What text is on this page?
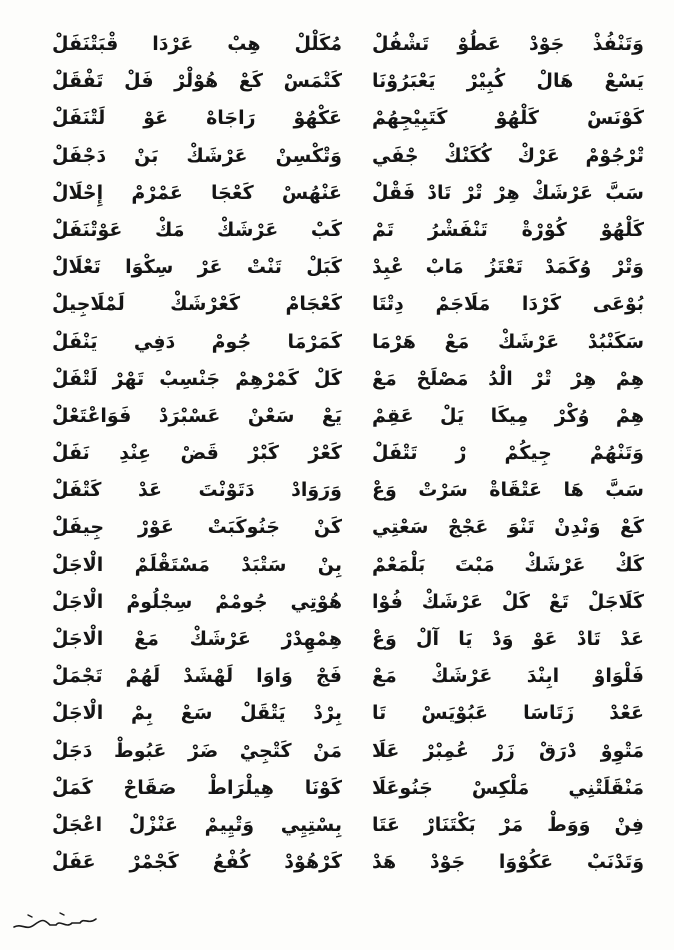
وَتَنْفُذْ جَوْدْ عَطُوْ تَشْفُلْ
يَسْعْ هَالْ كُبِيْرْ يَعْبَرُوْنَا
كَوْنَسْ كَلْهُوْ كَتَبِيْجِهُمْ
تْرْجُوْمْ عَرْكْ كُكَنْكْ جْفَي
سَبَّ عَرْشَكْ هِرْ تْرْ تَادْ فَقْلْ
كَلْهُوْ كُوْرْةْ تَنْفَشْرُ تَمْ
وَتْرْ وُكَمَدْ تَعْتَزُ مَابْ عْبِدْ
بُوْعَى كَرْدَا مَلَاجَمْ دِتْتَا
سَكَنْبُدْ عَرْشَكْ مَعْ هَرْمَا
هِمْ هِرْ تْرْ الْدُ مَصْلَحْ مَعْ
هِمْ وُكْرْ مِيكَا يَلْ عَقِمْ
وَتَنْهُمْ جِيكُمْ رْ تَتْفَلْ
سَبَّ هَا عَتْقَاةْ سَرْتْ وَعْ
كَعْ وَنْدِنْ تَنْوَ عَجْجْ سَعْتِي
كَكْ عَرْشَكْ مَبْتَ بَلْمَعْمْ
كَلَاجَلْ تَعْ كَلْ عَرْشَكْ فُوْا
عَدْ تَادْ عَوْ وَدْ يَا آلْ وَعْ
فَلْوَاوْ ابِنْدَ عَرْشَكْ مَعْ
عَعْدْ زَتَاسَا عَبُوْيَسْ تَا
مَتْوِوْ دْرَقْ زَرْ عُمِبْرْ عَلَا
مَنْقَلَتْنِي مَلْكِسْ جَنُوعَلَا
فِنْ وَوَطْ مَرْ بَكْتَنَارْ عَتَا
وَتَدْنَبْ عَكُوْوَا جَوْدْ هَدْ
مُكَلْلْ هِبْ عَرْدَا قْبَتْنَفَلْ
كَتْمَسْ كَعْ هُوْلْرْ فَلْ تَفْقَلْ
عَكْهُوْ رَاجَاهْ عَوْ لَتْنَفَلْ
وَتْكْسِنْ عَرْشَكْ بَنْ دَجْفَلْ
عَنْهُسْ كَعْجَا عَمْرْمْ إِحْلَالْ
كَبْ عَرْشَكْ مَكْ عَوْتْنَفَلْ
كَبَلْ تَنْتْ عَرْ سِكْوَا تَعْلَالْ
كَعْجَامْ كَعْرْشَكْ لَمْلَاجِيلْ
كَمَرْمَا جُومْ دَفِي يَنْفَلْ
كَلْ كَمْرْهِمْ جَنْسِبْ تَهْرْ لَتْفَلْ
يَعْ سَعْنْ عَسْبْرَدْ فَوَاعْتَعْلْ
كَعْرْ كَبْرْ قَضْ عِنْدِ نَفَلْ
وَرَوَادْ دَتَوْنْتَ عَدْ كَتْفَلْ
كَنْ جَنُوكَبَتْ عَوْرْ جِيفَلْ
بِنْ سَتْبَدْ مَسْتَقْلَمْ الْاجَلْ
هُوْتِي جُومْمْ سِجْلُومْ الْاجَلْ
هِمْهِدْرْ عَرْشَكْ مَعْ الْاجَلْ
فَجْ وَاوَا لَهْشَدْ لَهُمْ تَجْمَلْ
بِرْدْ يَتْقَلْ سَعْ بِمْ الْاجَلْ
مَنْ كَتْجِيْ ضَرْ عَبُوطْ دَجَلْ
كَوْنَا هِيلْرَاطْ صَقَاحْ كَمَلْ
بِسْتِيِي وَتْيِيمْ عَنْزْلْ اعْجَلْ
كَرْهُوْدْ كُفْعُ كَجْمْرْ عَفَلْ
